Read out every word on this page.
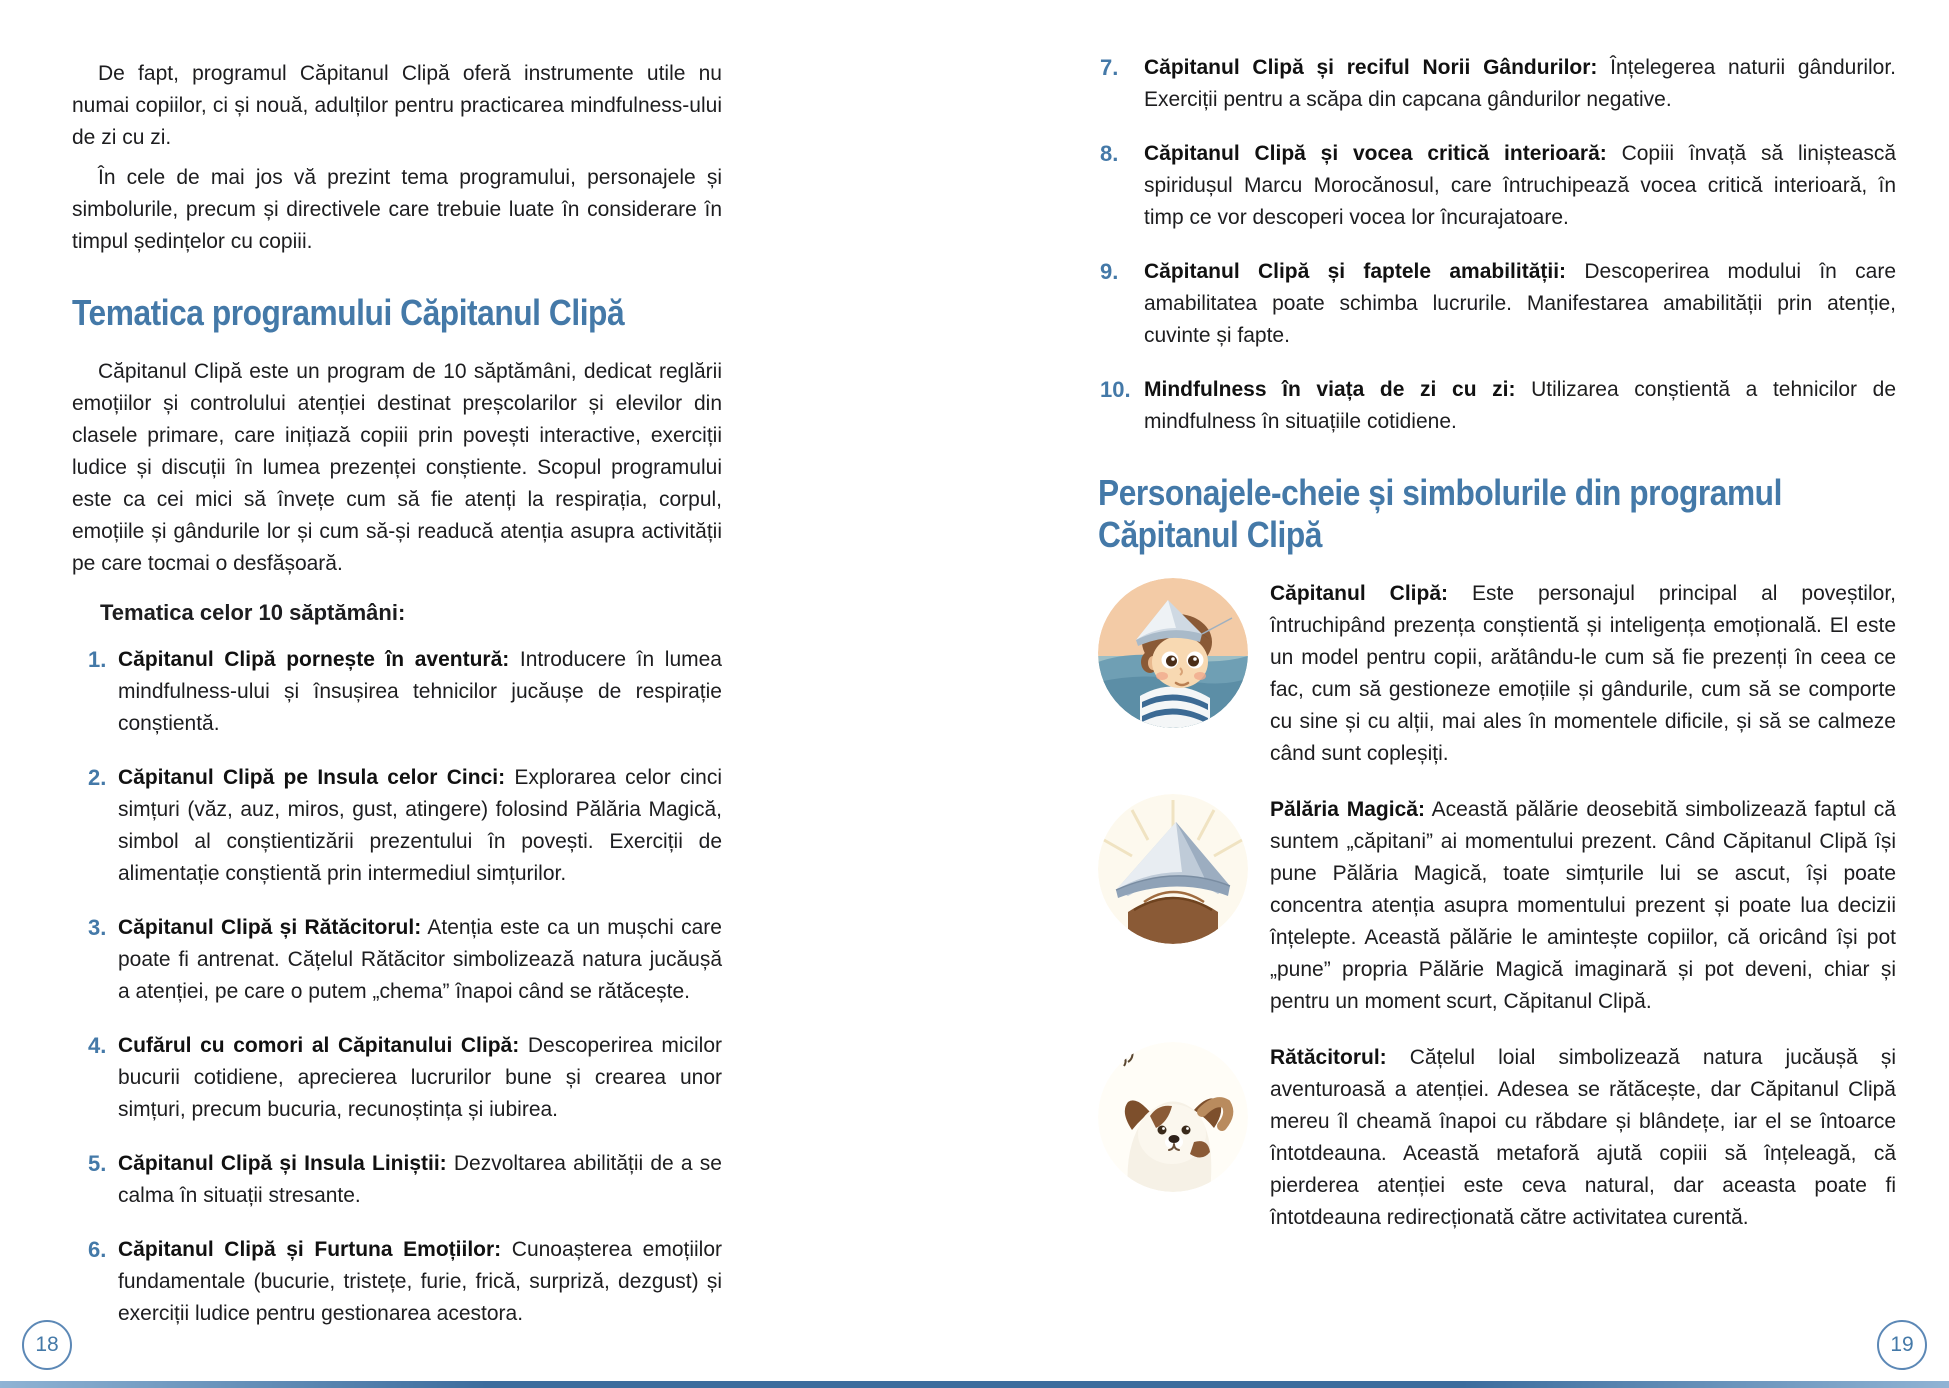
De fapt, programul Căpitanul Clipă oferă instrumente utile nu numai copiilor, ci și nouă, adulților pentru practicarea mindfulness-ului de zi cu zi.

În cele de mai jos vă prezint tema programului, personajele și simbolurile, precum și directivele care trebuie luate în considerare în timpul ședințelor cu copiii.

Tematica programului Căpitanul Clipă

Căpitanul Clipă este un program de 10 săptămâni, dedicat reglării emoțiilor și controlului atenției destinat preșcolarilor și elevilor din clasele primare, care inițiază copiii prin povești interactive, exerciții ludice și discuții în lumea prezenței conștiente. Scopul programului este ca cei mici să învețe cum să fie atenți la respirația, corpul, emoțiile și gândurile lor și cum să-și readucă atenția asupra activității pe care tocmai o desfășoară.

Tematica celor 10 săptămâni:
1. Căpitanul Clipă pornește în aventură: Introducere în lumea mindfulness-ului și însușirea tehnicilor jucăușe de respirație conștientă.

2. Căpitanul Clipă pe Insula celor Cinci: Explorarea celor cinci simțuri (văz, auz, miros, gust, atingere) folosind Pălăria Magică, simbol al conștientizării prezentului în povești. Exerciții de alimentație conștientă prin intermediul simțurilor.

3. Căpitanul Clipă și Rătăcitorul: Atenția este ca un mușchi care poate fi antrenat. Cățelul Rătăcitor simbolizează natura jucăușă a atenției, pe care o putem „chema” înapoi când se rătăcește.

4. Cufărul cu comori al Căpitanului Clipă: Descoperirea micilor bucurii cotidiene, aprecierea lucrurilor bune și crearea unor simțuri, precum bucuria, recunoștința și iubirea.

5. Căpitanul Clipă și Insula Liniștii: Dezvoltarea abilității de a se calma în situații stresante.

6. Căpitanul Clipă și Furtuna Emoțiilor: Cunoașterea emoțiilor fundamentale (bucurie, tristețe, furie, frică, surpriză, dezgust) și exerciții ludice pentru gestionarea acestora.

7.	Căpitanul Clipă și reciful Norii Gândurilor: Înțelegerea naturii gândurilor. Exerciții pentru a scăpa din capcana gândurilor negative.

8.	Căpitanul Clipă și vocea critică interioară: Copiii învață să liniștească spiridușul Marcu Morocănosul, care întruchipează vocea critică interioară, în timp ce vor descoperi vocea lor încurajatoare.

9.	Căpitanul Clipă și faptele amabilității: Descoperirea modului în care amabilitatea poate schimba lucrurile. Manifestarea amabilității prin atenție, cuvinte și fapte.

10. Mindfulness în viața de zi cu zi: Utilizarea conștientă a tehnicilor de mindfulness în situațiile cotidiene.

Personajele-cheie și simbolurile din programul Căpitanul Clipă

Căpitanul Clipă: Este personajul principal al poveștilor, întruchipând prezența conștientă și inteligența emoțională. El este un model pentru copii, arătându-le cum să fie prezenți în ceea ce fac, cum să gestioneze emoțiile și gândurile, cum să se comporte cu sine și cu alții, mai ales în momentele dificile, și să se calmeze când sunt copleșiți.

Pălăria Magică: Această pălărie deosebită simbolizează faptul că suntem „căpitani” ai momentului prezent. Când Căpitanul Clipă își pune Pălăria Magică, toate simțurile lui se ascut, își poate concentra atenția asupra momentului prezent și poate lua decizii înțelepte. Această pălărie le amintește copiilor, că oricând își pot „pune” propria Pălărie Magică imaginară și pot deveni, chiar și pentru un moment scurt, Căpitanul Clipă.

Rătăcitorul: Cățelul loial simbolizează natura jucăușă și aventuroasă a atenției. Adesea se rătăcește, dar Căpitanul Clipă mereu îl cheamă înapoi cu răbdare și blândețe, iar el se întoarce întotdeauna. Această metaforă ajută copiii să înțeleagă, că pierderea atenției este ceva natural, dar aceasta poate fi întotdeauna redirecționată către activitatea curentă.

18	19
